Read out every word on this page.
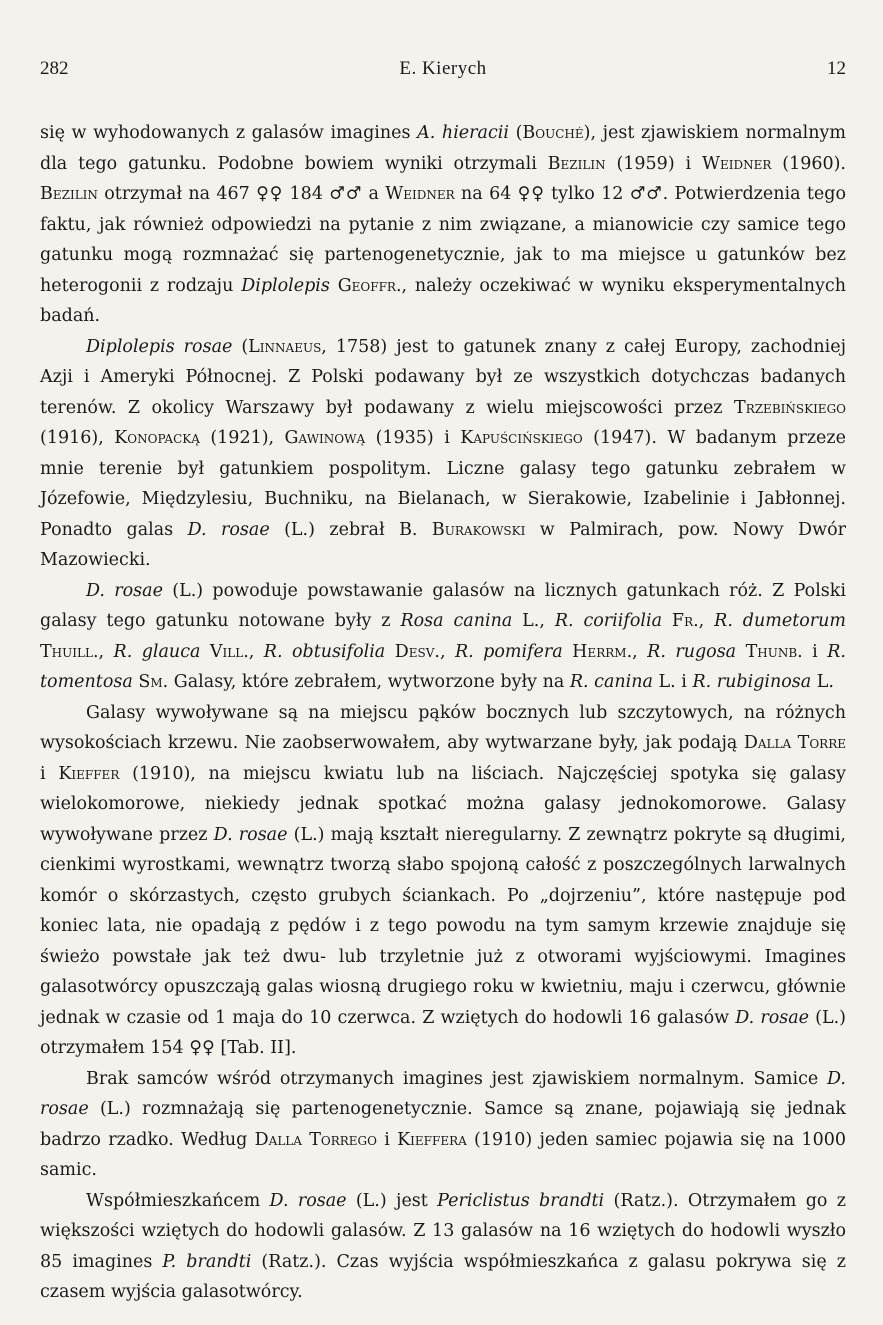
282	E. Kierych	12

się w wyhodowanych z galasów imagines A. hieracii (Bouché), jest zjawiskiem normalnym dla tego gatunku. Podobne bowiem wyniki otrzymali Bezilin (1959) i Weidner (1960). Bezilin otrzymał na 467 ♀♀ 184 ♂♂ a Weidner na 64 ♀♀ tylko 12 ♂♂. Potwierdzenia tego faktu, jak również odpowiedzi na pytanie z nim związane, a mianowicie czy samice tego gatunku mogą rozmnażać się partenogenetycznie, jak to ma miejsce u gatunków bez heterogonii z rodzaju Diplolepis Geoffr., należy oczekiwać w wyniku eksperymentalnych badań.

Diplolepis rosae (Linnaeus, 1758) jest to gatunek znany z całej Europy, zachodniej Azji i Ameryki Północnej. Z Polski podawany był ze wszystkich dotychczas badanych terenów. Z okolicy Warszawy był podawany z wielu miejscowości przez Trzebińskiego (1916), Konopacką (1921), Gawinową (1935) i Kapuścińskiego (1947). W badanym przeze mnie terenie był gatunkiem pospolitym. Liczne galasy tego gatunku zebrałem w Józefowie, Międzylesiu, Buchniku, na Bielanach, w Sierakowie, Izabelinie i Jabłonnej. Ponadto galas D. rosae (L.) zebrał B. Burakowski w Palmirach, pow. Nowy Dwór Mazowiecki.

D. rosae (L.) powoduje powstawanie galasów na licznych gatunkach róż. Z Polski galasy tego gatunku notowane były z Rosa canina L., R. coriifolia Fr., R. dumetorum Thuill., R. glauca Vill., R. obtusifolia Desv., R. pomifera Herrm., R. rugosa Thunb. i R. tomentosa Sm. Galasy, które zebrałem, wytworzone były na R. canina L. i R. rubiginosa L.

Galasy wywoływane są na miejscu pąków bocznych lub szczytowych, na różnych wysokościach krzewu. Nie zaobserwowałem, aby wytwarzane były, jak podają Dalla Torre i Kieffer (1910), na miejscu kwiatu lub na liściach. Najczęściej spotyka się galasy wielokomorowe, niekiedy jednak spotkać można galasy jednokomorowe. Galasy wywoływane przez D. rosae (L.) mają kształt nieregularny. Z zewnątrz pokryte są długimi, cienkimi wyrostkami, wewnątrz tworzą słabo spojoną całość z poszczególnych larwalnych komór o skórzastych, często grubych ściankach. Po „dojrzeniu”, które następuje pod koniec lata, nie opadają z pędów i z tego powodu na tym samym krzewie znajduje się świeżo powstałe jak też dwu- lub trzyletnie już z otworami wyjściowymi. Imagines galasotwórcy opuszczają galas wiosną drugiego roku w kwietniu, maju i czerwcu, głównie jednak w czasie od 1 maja do 10 czerwca. Z wziętych do hodowli 16 galasów D. rosae (L.) otrzymałem 154 ♀♀ [Tab. II].

Brak samców wśród otrzymanych imagines jest zjawiskiem normalnym. Samice D. rosae (L.) rozmnażają się partenogenetycznie. Samce są znane, pojawiają się jednak badrzo rzadko. Według Dalla Torrego i Kieffera (1910) jeden samiec pojawia się na 1000 samic.

Współmieszkańcem D. rosae (L.) jest Periclistus brandti (Ratz.). Otrzymałem go z większości wziętych do hodowli galasów. Z 13 galasów na 16 wziętych do hodowli wyszło 85 imagines P. brandti (Ratz.). Czas wyjścia współmieszkańca z galasu pokrywa się z czasem wyjścia galasotwórcy.
